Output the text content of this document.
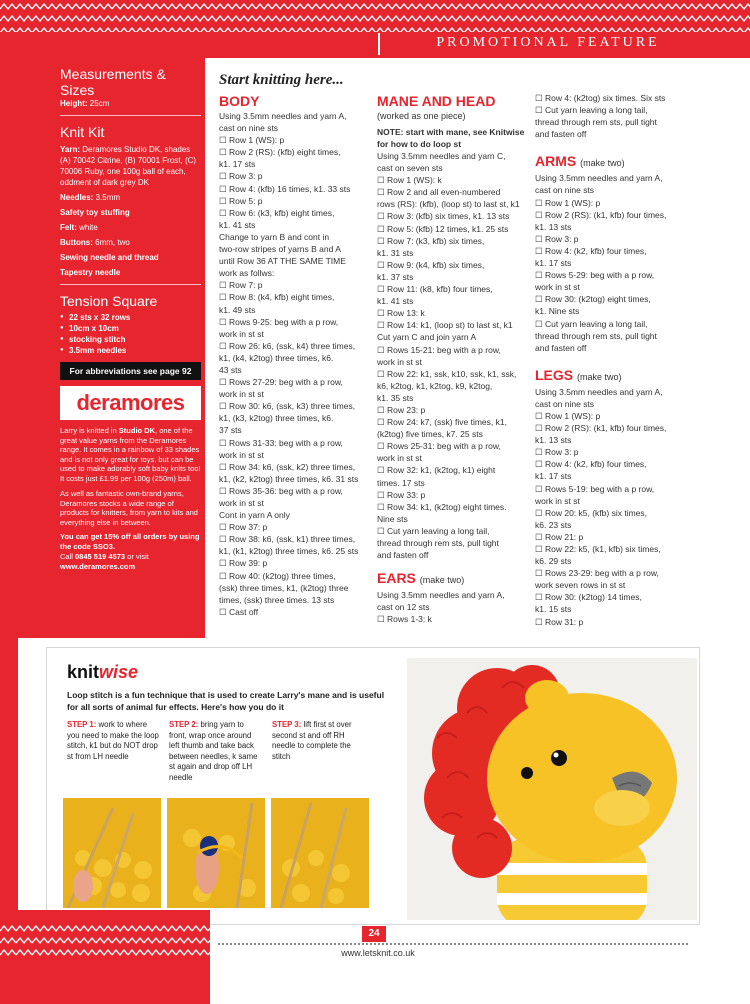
PROMOTIONAL FEATURE
Measurements & Sizes
Height: 25cm
Knit Kit
Yarn: Deramores Studio DK, shades (A) 70042 Citrine, (B) 70001 Frost, (C) 70006 Ruby, one 100g ball of each, oddment of dark grey DK
Needles: 3.5mm
Safety toy stuffing
Felt: white
Buttons: 6mm, two
Sewing needle and thread
Tapestry needle
Tension Square
● 22 sts x 32 rows
● 10cm x 10cm
● stocking stitch
● 3.5mm needles
For abbreviations see page 92
deramores
Larry is knitted in Studio DK, one of the great value yarns from the Deramores range. It comes in a rainbow of 33 shades and is not only great for toys, but can be used to make adorably soft baby knits too! It costs just £1.99 per 100g (250m) ball.
As well as fantastic own-brand yarns, Deramores stocks a wide range of products for knitters, from yarn to kits and everything else in between.
You can get 15% off all orders by using the code SSO3.
Call 0845 519 4573 or visit
www.deramores.com
Start knitting here...
BODY
Using 3.5mm needles and yarn A,
cast on nine sts
☐ Row 1 (WS): p
☐ Row 2 (RS): (kfb) eight times,
k1. 17 sts
☐ Row 3: p
☐ Row 4: (kfb) 16 times, k1. 33 sts
☐ Row 5: p
☐ Row 6: (k3, kfb) eight times,
k1. 41 sts
Change to yarn B and cont in
two-row stripes of yarns B and A
until Row 36 AT THE SAME TIME
work as follws:
☐ Row 7: p
☐ Row 8: (k4, kfb) eight times,
k1. 49 sts
☐ Rows 9-25: beg with a p row,
work in st st
☐ Row 26: k6, (ssk, k4) three times,
k1, (k4, k2tog) three times, k6.
43 sts
☐ Rows 27-29: beg with a p row,
work in st st
☐ Row 30: k6, (ssk, k3) three times,
k1, (k3, k2tog) three times, k6.
37 sts
☐ Rows 31-33: beg with a p row,
work in st st
☐ Row 34: k6, (ssk, k2) three times,
k1, (k2, k2tog) three times, k6. 31 sts
☐ Rows 35-36: beg with a p row,
work in st st
Cont in yarn A only
☐ Row 37: p
☐ Row 38: k6, (ssk, k1) three times,
k1, (k1, k2tog) three times, k6. 25 sts
☐ Row 39: p
☐ Row 40: (k2tog) three times,
(ssk) three times, k1, (k2tog) three
times, (ssk) three times. 13 sts
☐ Cast off
MANE AND HEAD
(worked as one piece)
NOTE: start with mane, see Knitwise for how to do loop st
Using 3.5mm needles and yarn C,
cast on seven sts
☐ Row 1 (WS): k
☐ Row 2 and all even-numbered
rows (RS): (kfb), (loop st) to last st, k1
☐ Row 3: (kfb) six times, k1. 13 sts
☐ Row 5: (kfb) 12 times, k1. 25 sts
☐ Row 7: (k3, kfb) six times,
k1. 31 sts
☐ Row 9: (k4, kfb) six times,
k1. 37 sts
☐ Row 11: (k8, kfb) four times,
k1. 41 sts
☐ Row 13: k
☐ Row 14: k1, (loop st) to last st, k1
Cut yarn C and join yarn A
☐ Rows 15-21: beg with a p row,
work in st st
☐ Row 22: k1, ssk, k10, ssk, k1, ssk,
k6, k2tog, k1, k2tog, k9, k2tog,
k1. 35 sts
☐ Row 23: p
☐ Row 24: k7, (ssk) five times, k1,
(k2tog) five times, k7. 25 sts
☐ Rows 25-31: beg with a p row,
work in st st
☐ Row 32: k1, (k2tog, k1) eight
times. 17 sts
☐ Row 33: p
☐ Row 34: k1, (k2tog) eight times.
Nine sts
☐ Cut yarn leaving a long tail,
thread through rem sts, pull tight
and fasten off
EARS (make two)
Using 3.5mm needles and yarn A,
cast on 12 sts
☐ Rows 1-3: k
☐ Row 4: (k2tog) six times. Six sts
☐ Cut yarn leaving a long tail,
thread through rem sts, pull tight
and fasten off
ARMS (make two)
Using 3.5mm needles and yarn A,
cast on nine sts
☐ Row 1 (WS): p
☐ Row 2 (RS): (k1, kfb) four times,
k1. 13 sts
☐ Row 3: p
☐ Row 4: (k2, kfb) four times,
k1. 17 sts
☐ Rows 5-29: beg with a p row,
work in st st
☐ Row 30: (k2tog) eight times,
k1. Nine sts
☐ Cut yarn leaving a long tail,
thread through rem sts, pull tight
and fasten off
LEGS (make two)
Using 3.5mm needles and yarn A,
cast on nine sts
☐ Row 1 (WS): p
☐ Row 2 (RS): (k1, kfb) four times,
k1. 13 sts
☐ Row 3: p
☐ Row 4: (k2, kfb) four times,
k1. 17 sts
☐ Rows 5-19: beg with a p row,
work in st st
☐ Row 20: k5, (kfb) six times,
k6. 23 sts
☐ Row 21: p
☐ Row 22: k5, (k1, kfb) six times,
k6. 29 sts
☐ Rows 23-29: beg with a p row,
work seven rows in st st
☐ Row 30: (k2tog) 14 times,
k1. 15 sts
☐ Row 31: p
knitwise
Loop stitch is a fun technique that is used to create Larry's mane and is useful for all sorts of animal fur effects. Here's how you do it
STEP 1: work to where you need to make the loop stitch, k1 but do NOT drop st from LH needle
STEP 2: bring yarn to front, wrap once around left thumb and take back between needles, k same st again and drop off LH needle
STEP 3: lift first st over second st and off RH needle to complete the stitch
24
www.letsknit.co.uk
